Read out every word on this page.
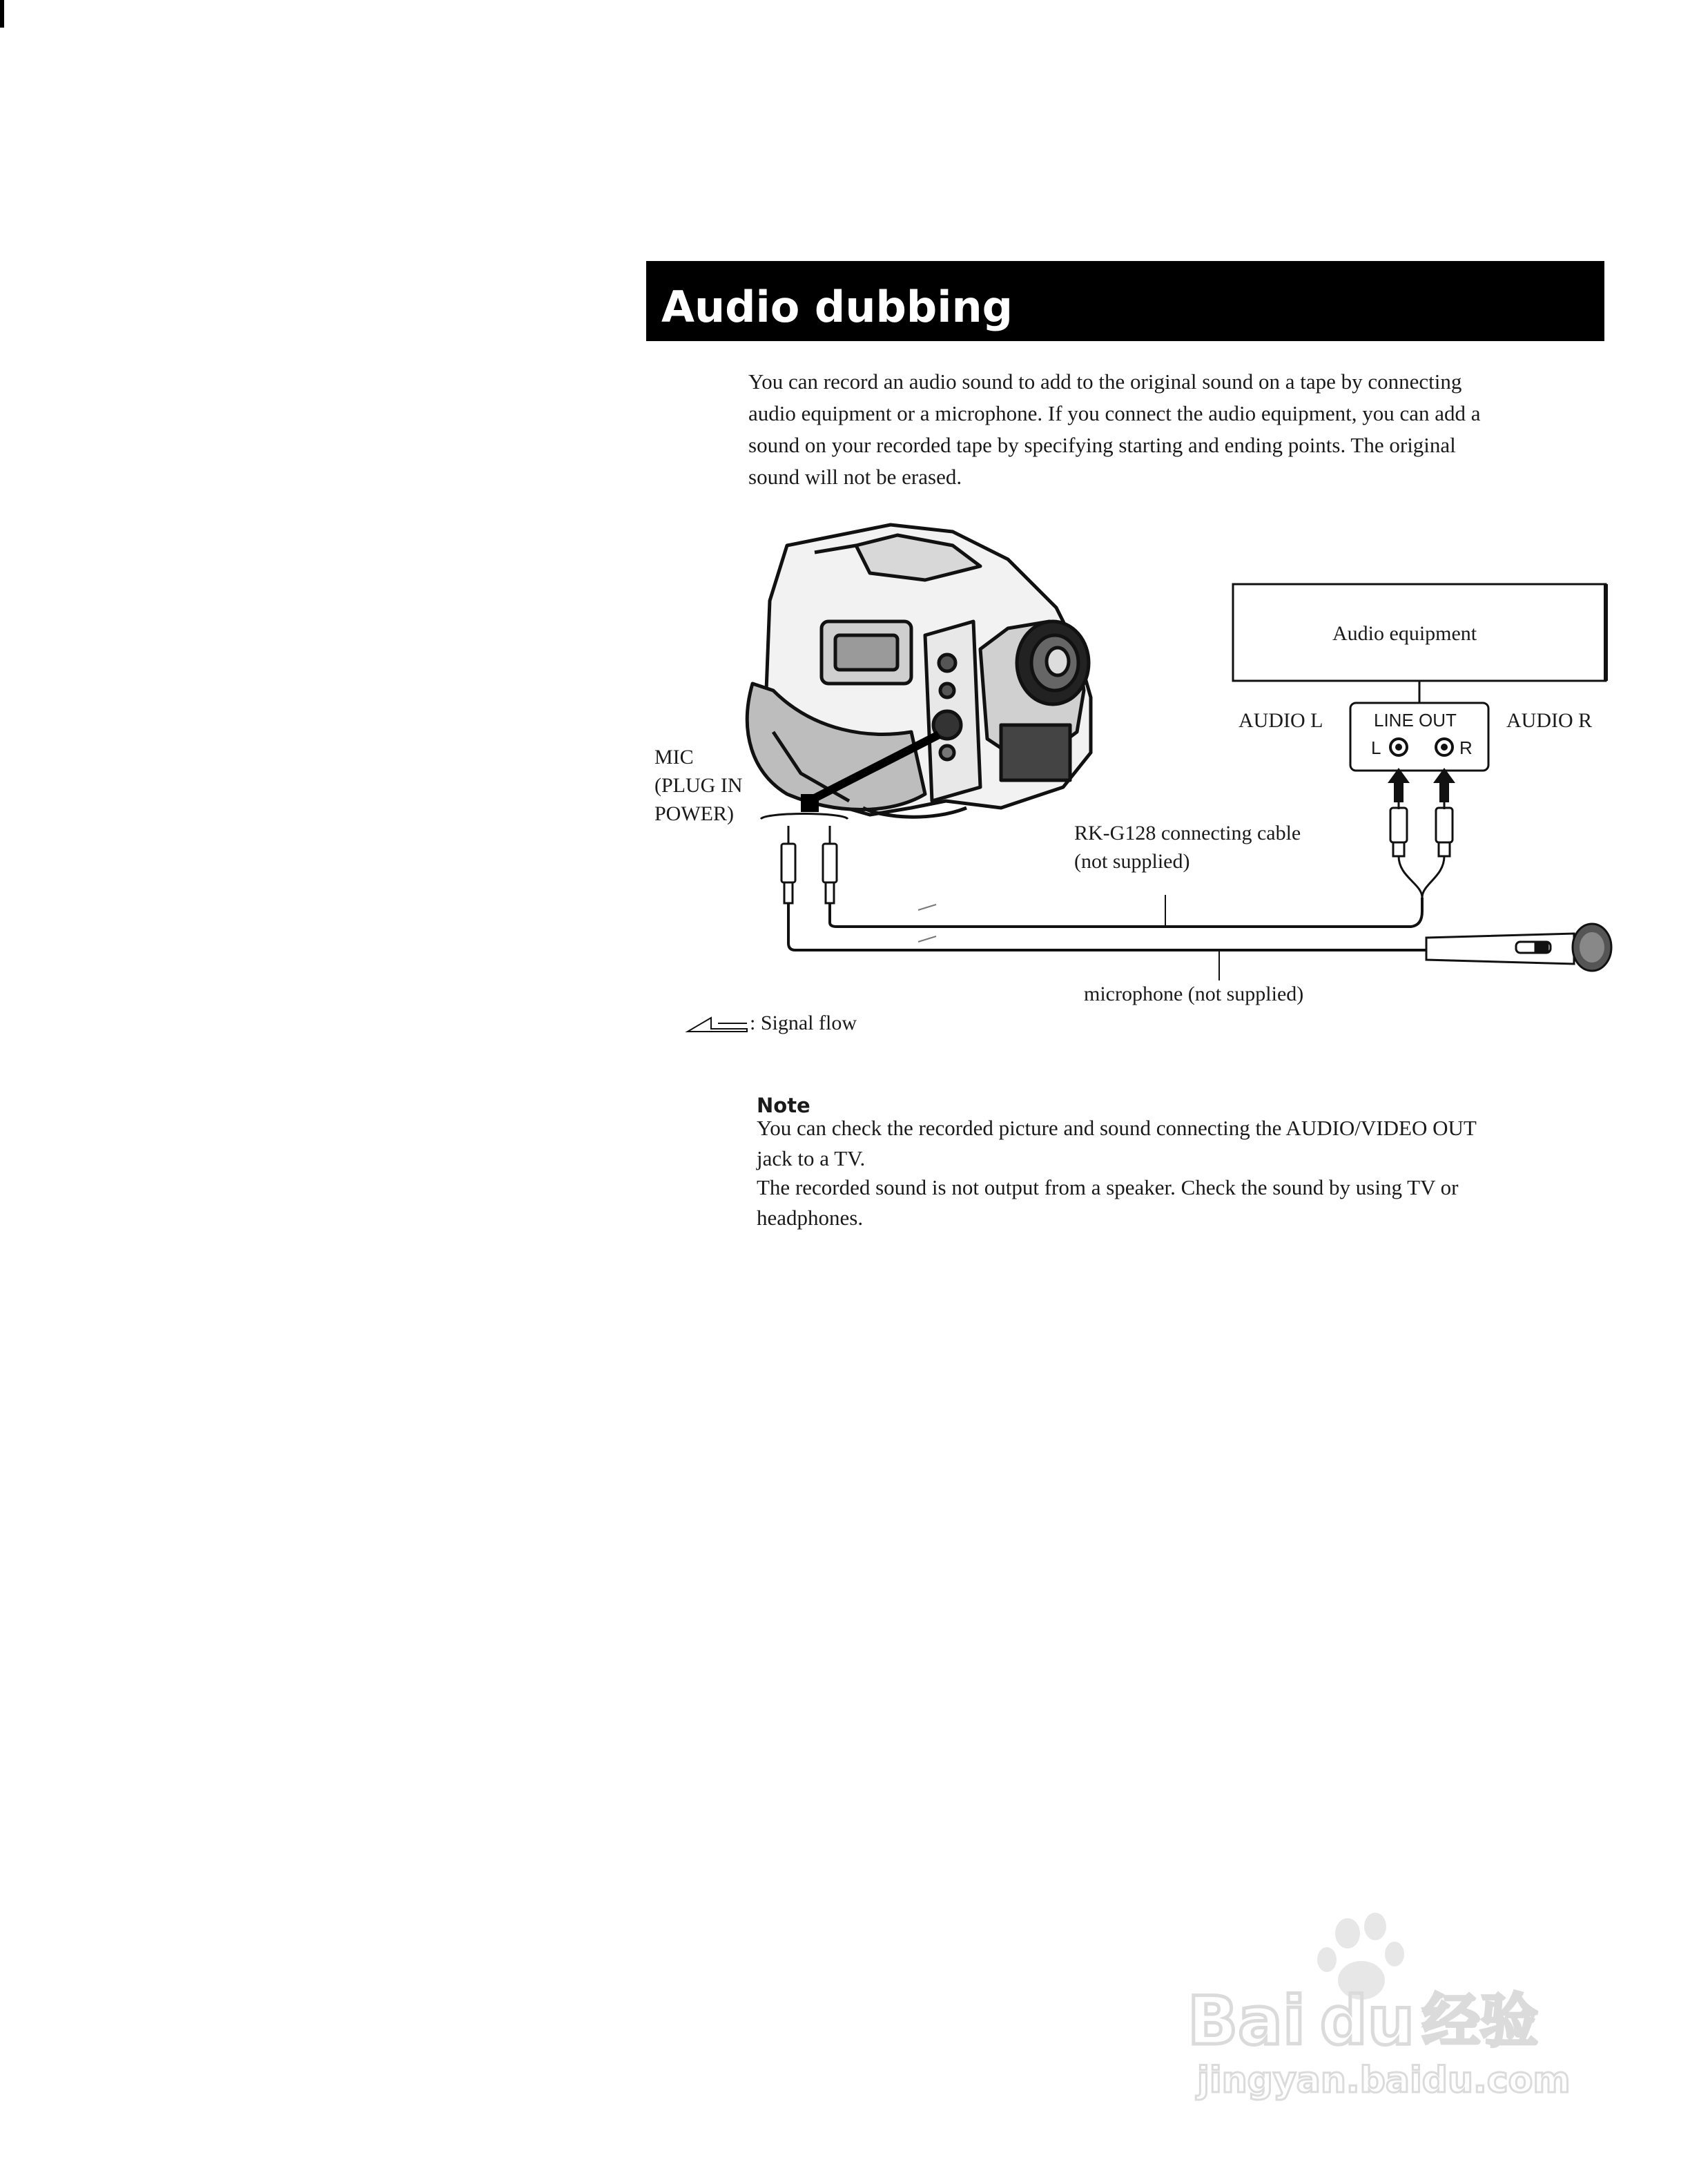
Audio dubbing

You can record an audio sound to add to the original sound on a tape by connecting
audio equipment or a microphone. If you connect the audio equipment, you can add a
sound on your recorded tape by specifying starting and ending points. The original
sound will not be erased.

Audio equipment
AUDIO L	AUDIO R
LINE OUT
L	R
MIC
(PLUG IN
POWER)
RK-G128 connecting cable
(not supplied)
microphone (not supplied)
: Signal flow
Note

You can check the recorded picture and sound connecting the AUDIO/VIDEO OUT
jack to a TV.

The recorded sound is not output from a speaker. Check the sound by using TV or
headphones.

Bai du 经验
jingyan.baidu.com
